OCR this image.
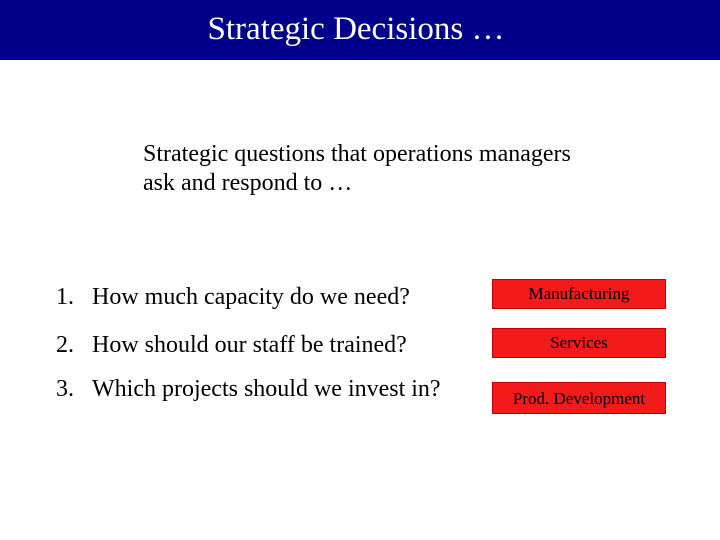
Strategic Decisions …
Strategic questions that operations managers
ask and respond to …
1. How much capacity do we need?
2. How should our staff be trained?
3. Which projects should we invest in?
Manufacturing
Services
Prod. Development
